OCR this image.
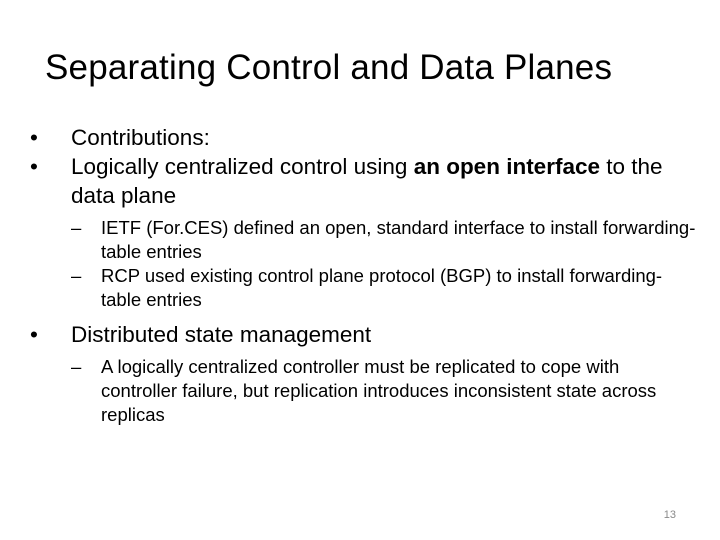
Separating Control and Data Planes
•	Contributions:
•	Logically centralized control using an open interface to the data plane
–	IETF (For.CES) defined an open, standard interface to install forwarding-table entries
–	RCP used existing control plane protocol (BGP) to install forwarding-table entries
•	Distributed state management
–	A logically centralized controller must be replicated to cope with controller failure, but replication introduces inconsistent state across replicas
13
